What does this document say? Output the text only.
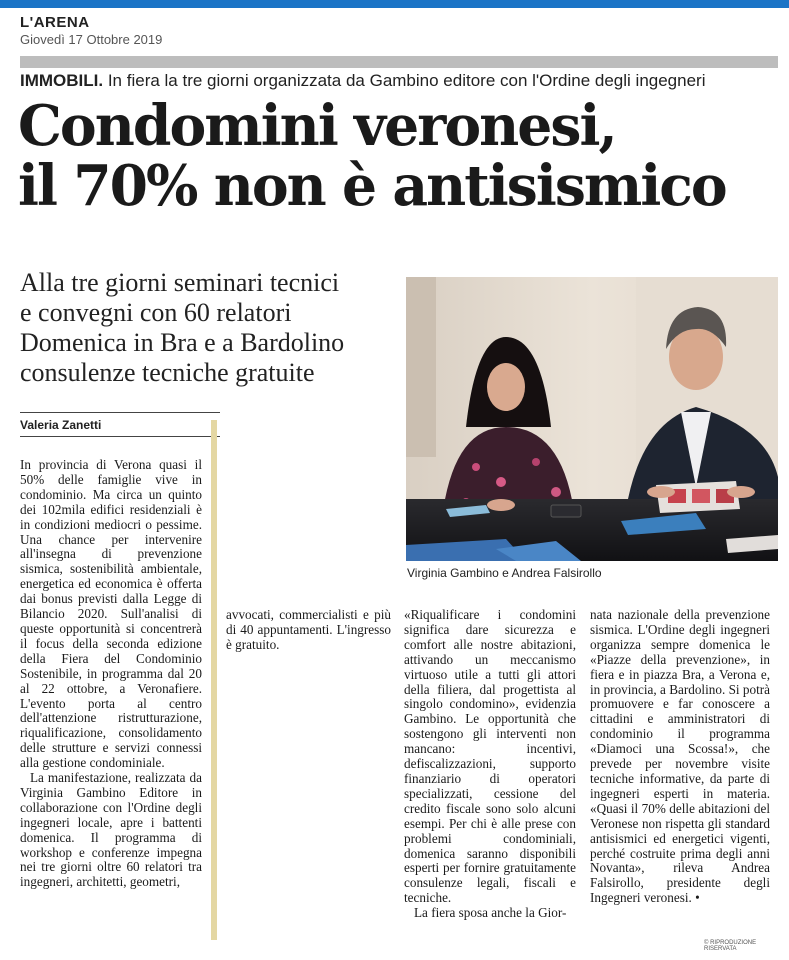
L'ARENA
Giovedì 17 Ottobre 2019
IMMOBILI. In fiera la tre giorni organizzata da Gambino editore con l'Ordine degli ingegneri
Condomini veronesi,
il 70% non è antisismico
Alla tre giorni seminari tecnici
e convegni con 60 relatori
Domenica in Bra e a Bardolino
consulenze tecniche gratuite
Valeria Zanetti
Virginia Gambino e Andrea Falsirollo

In provincia di Verona quasi il 50% delle famiglie vive in condominio. Ma circa un quinto dei 102mila edifici residenziali è in condizioni mediocri o pessime. Una chance per intervenire all'insegna di prevenzione sismica, sostenibilità ambientale, energetica ed economica è offerta dai bonus previsti dalla Legge di Bilancio 2020. Sull'analisi di queste opportunità si concentrerà il focus della seconda edizione della Fiera del Condominio Sostenibile, in programma dal 20 al 22 ottobre, a Veronafiere. L'evento porta al centro dell'attenzione ristrutturazione, riqualificazione, consolidamento delle strutture e servizi connessi alla gestione condominiale.

La manifestazione, realizzata da Virginia Gambino Editore in collaborazione con l'Ordine degli ingegneri locale, apre i battenti domenica. Il programma di workshop e conferenze impegna nei tre giorni oltre 60 relatori tra ingegneri, architetti, geometri,

avvocati, commercialisti e più di 40 appuntamenti. L'ingresso è gratuito.

nata nazionale della prevenzione sismica. L'Ordine degli ingegneri organizza sempre domenica le «Piazze della prevenzione», in fiera e in piazza Bra, a Verona e, in provincia, a Bardolino. Si potrà promuovere e far conoscere a cittadini e amministratori di condominio il programma «Diamoci una Scossa!», che prevede per novembre visite tecniche informative, da parte di ingegneri esperti in materia. «Quasi il 70% delle abitazioni del Veronese non rispetta gli standard antisismici ed energetici vigenti, perché costruite prima degli anni Novanta», rileva Andrea Falsirollo, presidente degli Ingegneri veronesi. •

© RIPRODUZIONE RISERVATA

«Riqualificare i condomini significa dare sicurezza e comfort alle nostre abitazioni, attivando un meccanismo virtuoso utile a tutti gli attori della filiera, dal progettista al singolo condomino», evidenzia Gambino. Le opportunità che sostengono gli interventi non mancano: incentivi, defiscalizzazioni, supporto finanziario di operatori specializzati, cessione del credito fiscale sono solo alcuni esempi. Per chi è alle prese con problemi condominiali, domenica saranno disponibili esperti per fornire gratuitamente consulenze legali, fiscali e tecniche.

La fiera sposa anche la Gior-
